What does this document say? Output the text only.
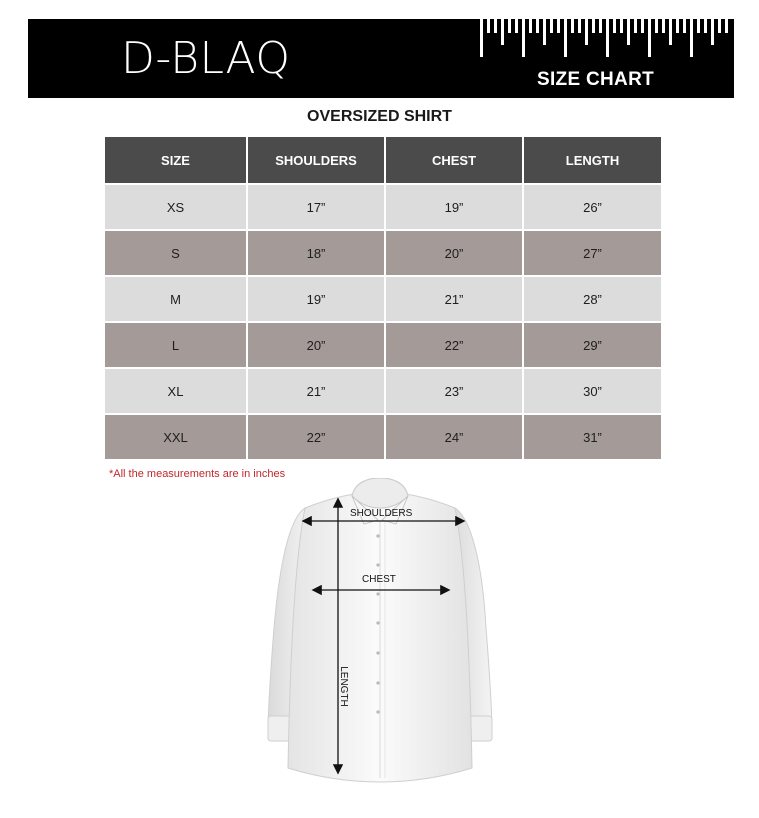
D-BLAQ	SIZE CHART
OVERSIZED SHIRT
SIZE	SHOULDERS	CHEST	LENGTH
XS	17”	19”	26”
S	18”	20”	27”
M	19”	21”	28”
L	20”	22”	29”
XL	21”	23”	30”
XXL	22”	24”	31”
*All the measurements are in inches
SHOULDERS
CHEST
LENGTH
